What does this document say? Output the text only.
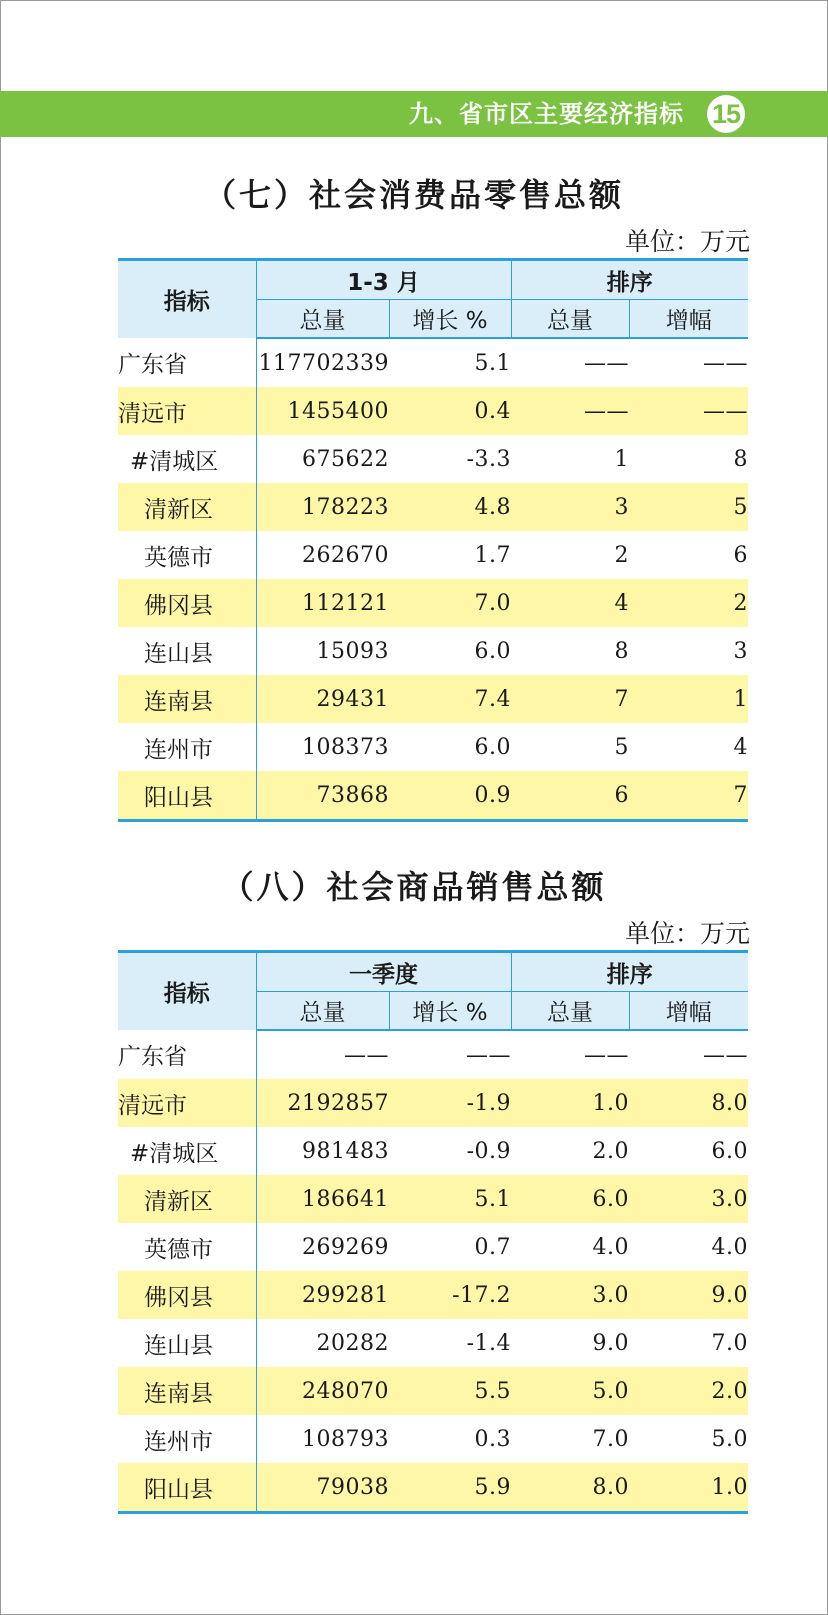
九、省市区主要经济指标 15
（七）社会消费品零售总额
单位：万元
指标	1-3 月		排序	
	总量	增长 %	总量	增幅
广东省	117702339	5.1	——	——
清远市	1455400	0.4	——	——
#清城区	675622	-3.3	1	8
清新区	178223	4.8	3	5
英德市	262670	1.7	2	6
佛冈县	112121	7.0	4	2
连山县	15093	6.0	8	3
连南县	29431	7.4	7	1
连州市	108373	6.0	5	4
阳山县	73868	0.9	6	7
（八）社会商品销售总额
单位：万元
指标	一季度		排序	
	总量	增长 %	总量	增幅
广东省	——	——	——	——
清远市	2192857	-1.9	1.0	8.0
#清城区	981483	-0.9	2.0	6.0
清新区	186641	5.1	6.0	3.0
英德市	269269	0.7	4.0	4.0
佛冈县	299281	-17.2	3.0	9.0
连山县	20282	-1.4	9.0	7.0
连南县	248070	5.5	5.0	2.0
连州市	108793	0.3	7.0	5.0
阳山县	79038	5.9	8.0	1.0
